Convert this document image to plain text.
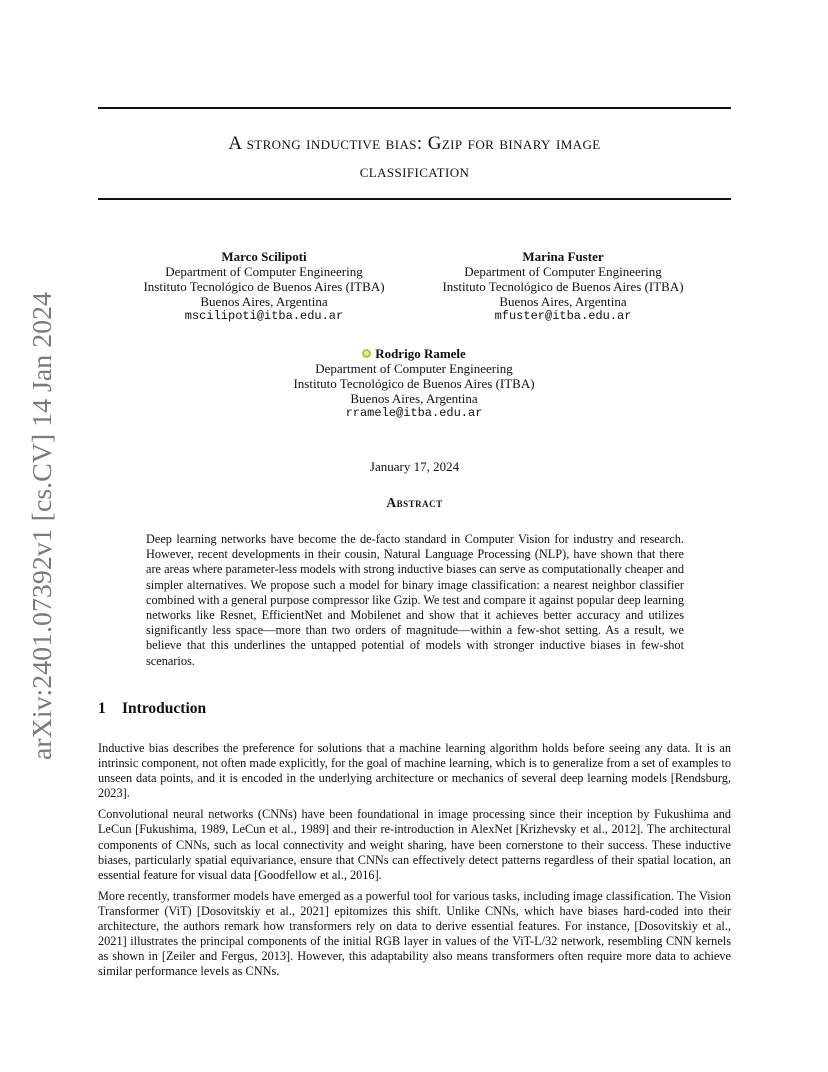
arXiv:2401.07392v1 [cs.CV] 14 Jan 2024
A strong inductive bias: Gzip for binary image
classification
Marco Scilipoti
Department of Computer Engineering
Instituto Tecnológico de Buenos Aires (ITBA)
Buenos Aires, Argentina
mscilipoti@itba.edu.ar
Marina Fuster
Department of Computer Engineering
Instituto Tecnológico de Buenos Aires (ITBA)
Buenos Aires, Argentina
mfuster@itba.edu.ar
Rodrigo Ramele
Department of Computer Engineering
Instituto Tecnológico de Buenos Aires (ITBA)
Buenos Aires, Argentina
rramele@itba.edu.ar
January 17, 2024
Abstract

Deep learning networks have become the de-facto standard in Computer Vision for industry and research. However, recent developments in their cousin, Natural Language Processing (NLP), have shown that there are areas where parameter-less models with strong inductive biases can serve as computationally cheaper and simpler alternatives. We propose such a model for binary image classification: a nearest neighbor classifier combined with a general purpose compressor like Gzip. We test and compare it against popular deep learning networks like Resnet, EfficientNet and Mobilenet and show that it achieves better accuracy and utilizes significantly less space—more than two orders of magnitude—within a few-shot setting. As a result, we believe that this underlines the untapped potential of models with stronger inductive biases in few-shot scenarios.

1 Introduction

Inductive bias describes the preference for solutions that a machine learning algorithm holds before seeing any data. It is an intrinsic component, not often made explicitly, for the goal of machine learning, which is to generalize from a set of examples to unseen data points, and it is encoded in the underlying architecture or mechanics of several deep learning models [Rendsburg, 2023].

Convolutional neural networks (CNNs) have been foundational in image processing since their inception by Fukushima and LeCun [Fukushima, 1989, LeCun et al., 1989] and their re-introduction in AlexNet [Krizhevsky et al., 2012]. The architectural components of CNNs, such as local connectivity and weight sharing, have been cornerstone to their success. These inductive biases, particularly spatial equivariance, ensure that CNNs can effectively detect patterns regardless of their spatial location, an essential feature for visual data [Goodfellow et al., 2016].

More recently, transformer models have emerged as a powerful tool for various tasks, including image classification. The Vision Transformer (ViT) [Dosovitskiy et al., 2021] epitomizes this shift. Unlike CNNs, which have biases hard-coded into their architecture, the authors remark how transformers rely on data to derive essential features. For instance, [Dosovitskiy et al., 2021] illustrates the principal components of the initial RGB layer in values of the ViT-L/32 network, resembling CNN kernels as shown in [Zeiler and Fergus, 2013]. However, this adaptability also means transformers often require more data to achieve similar performance levels as CNNs.
